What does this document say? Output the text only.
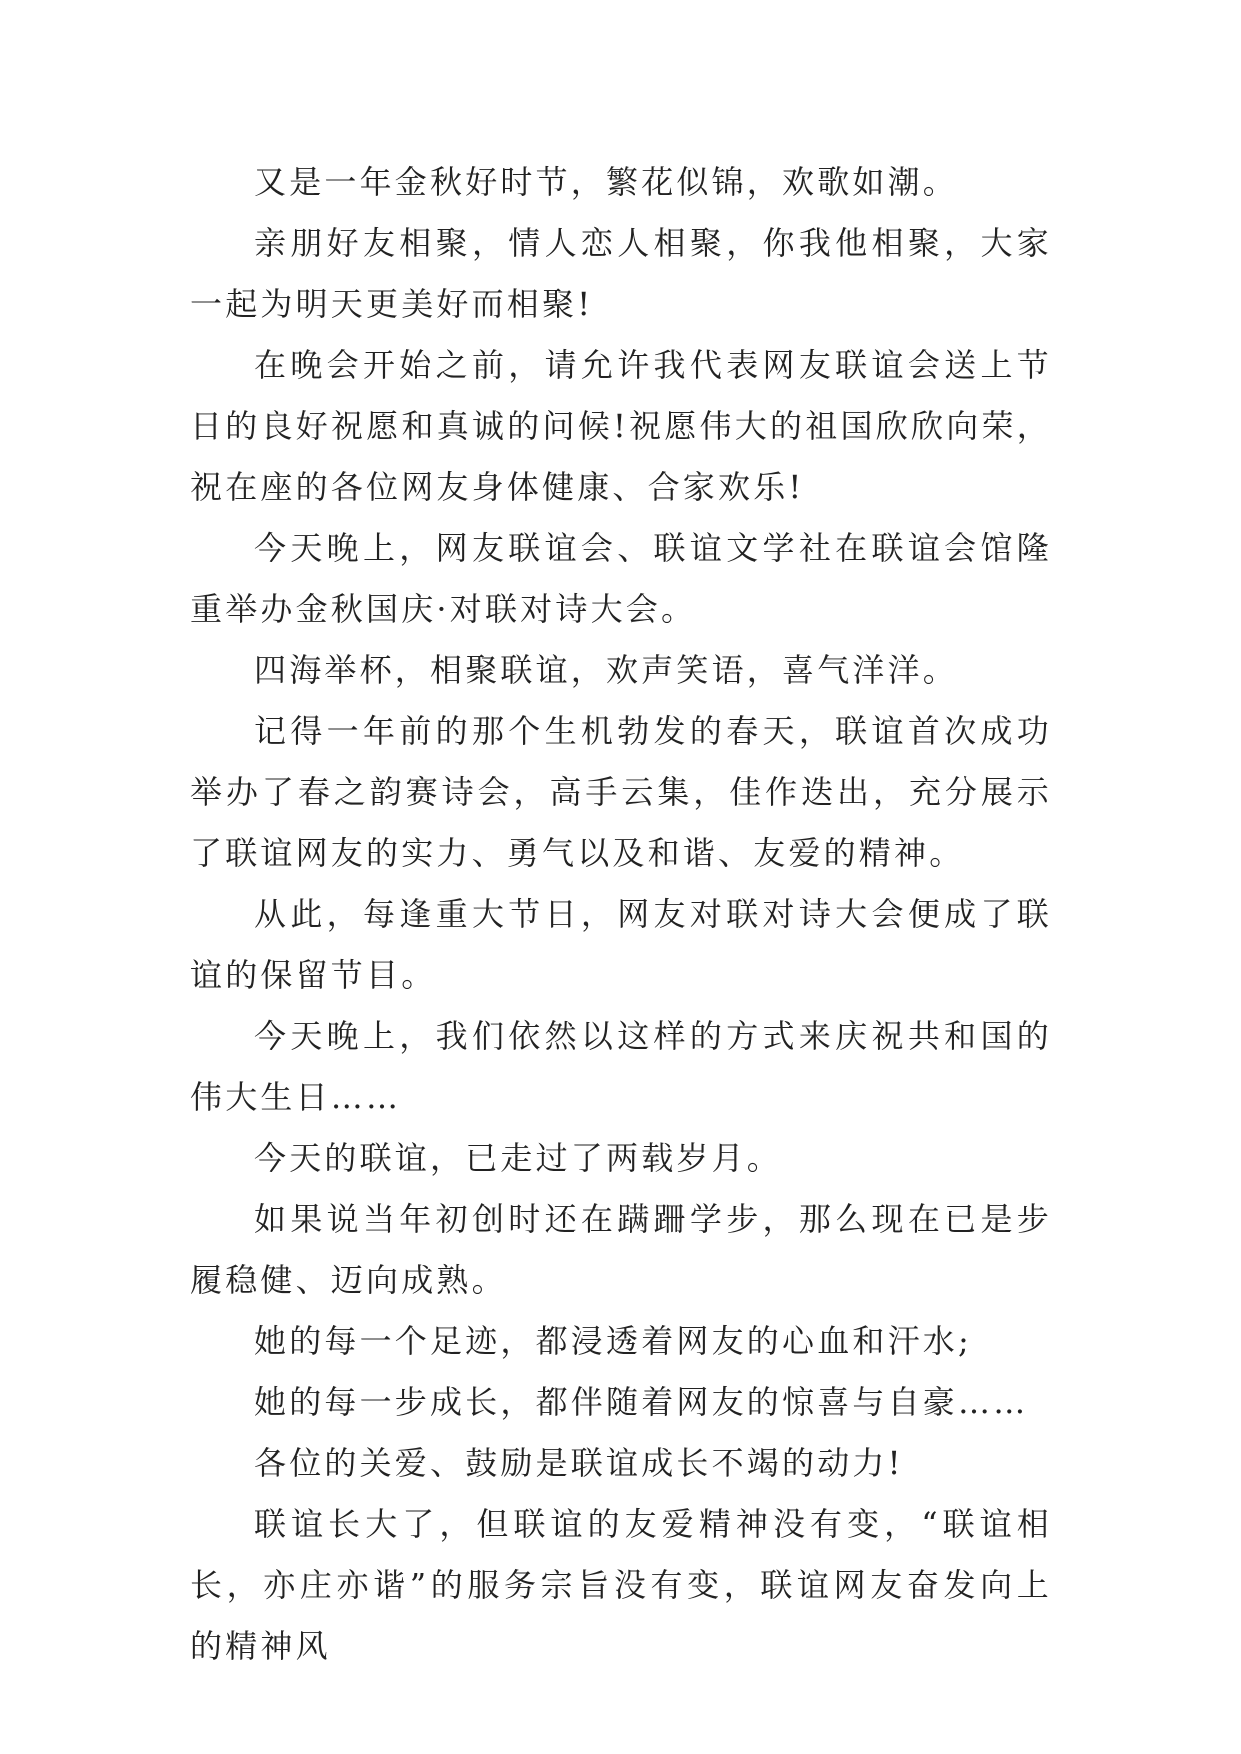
又是一年金秋好时节，繁花似锦，欢歌如潮。

亲朋好友相聚，情人恋人相聚，你我他相聚，大家一起为明天更美好而相聚!

在晚会开始之前，请允许我代表网友联谊会送上节日的良好祝愿和真诚的问候!祝愿伟大的祖国欣欣向荣，祝在座的各位网友身体健康、合家欢乐!

今天晚上，网友联谊会、联谊文学社在联谊会馆隆重举办金秋国庆·对联对诗大会。

四海举杯，相聚联谊，欢声笑语，喜气洋洋。

记得一年前的那个生机勃发的春天，联谊首次成功举办了春之韵赛诗会，高手云集，佳作迭出，充分展示了联谊网友的实力、勇气以及和谐、友爱的精神。

从此，每逢重大节日，网友对联对诗大会便成了联谊的保留节目。

今天晚上，我们依然以这样的方式来庆祝共和国的伟大生日……

今天的联谊，已走过了两载岁月。

如果说当年初创时还在蹒跚学步，那么现在已是步履稳健、迈向成熟。

她的每一个足迹，都浸透着网友的心血和汗水;

她的每一步成长，都伴随着网友的惊喜与自豪……

各位的关爱、鼓励是联谊成长不竭的动力!

联谊长大了，但联谊的友爱精神没有变，“联谊相长，亦庄亦谐”的服务宗旨没有变，联谊网友奋发向上的精神风
